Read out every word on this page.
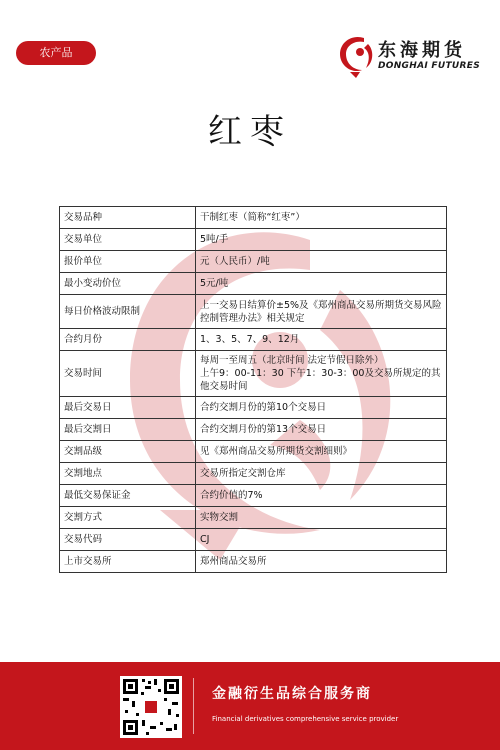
农产品	东海期货
DONGHAI FUTURES
红枣
交易品种	干制红枣（简称“红枣”）
交易单位	5吨/手
报价单位	元（人民币）/吨
最小变动价位	5元/吨
每日价格波动限制	上一交易日结算价±5%及《郑州商品交易所期货交易风险控制管理办法》相关规定
合约月份	1、3、5、7、9、12月
交易时间	每周一至周五（北京时间 法定节假日除外）
上午9：00-11：30 下午1：30-3：00及交易所规定的其他交易时间

最后交易日	合约交割月份的第10个交易日
最后交割日	合约交割月份的第13个交易日
交割品级	见《郑州商品交易所期货交割细则》
交割地点	交易所指定交割仓库
最低交易保证金	合约价值的7%
交割方式	实物交割
交易代码	CJ
上市交易所	郑州商品交易所
金融衍生品综合服务商
Financial derivatives comprehensive service provider
